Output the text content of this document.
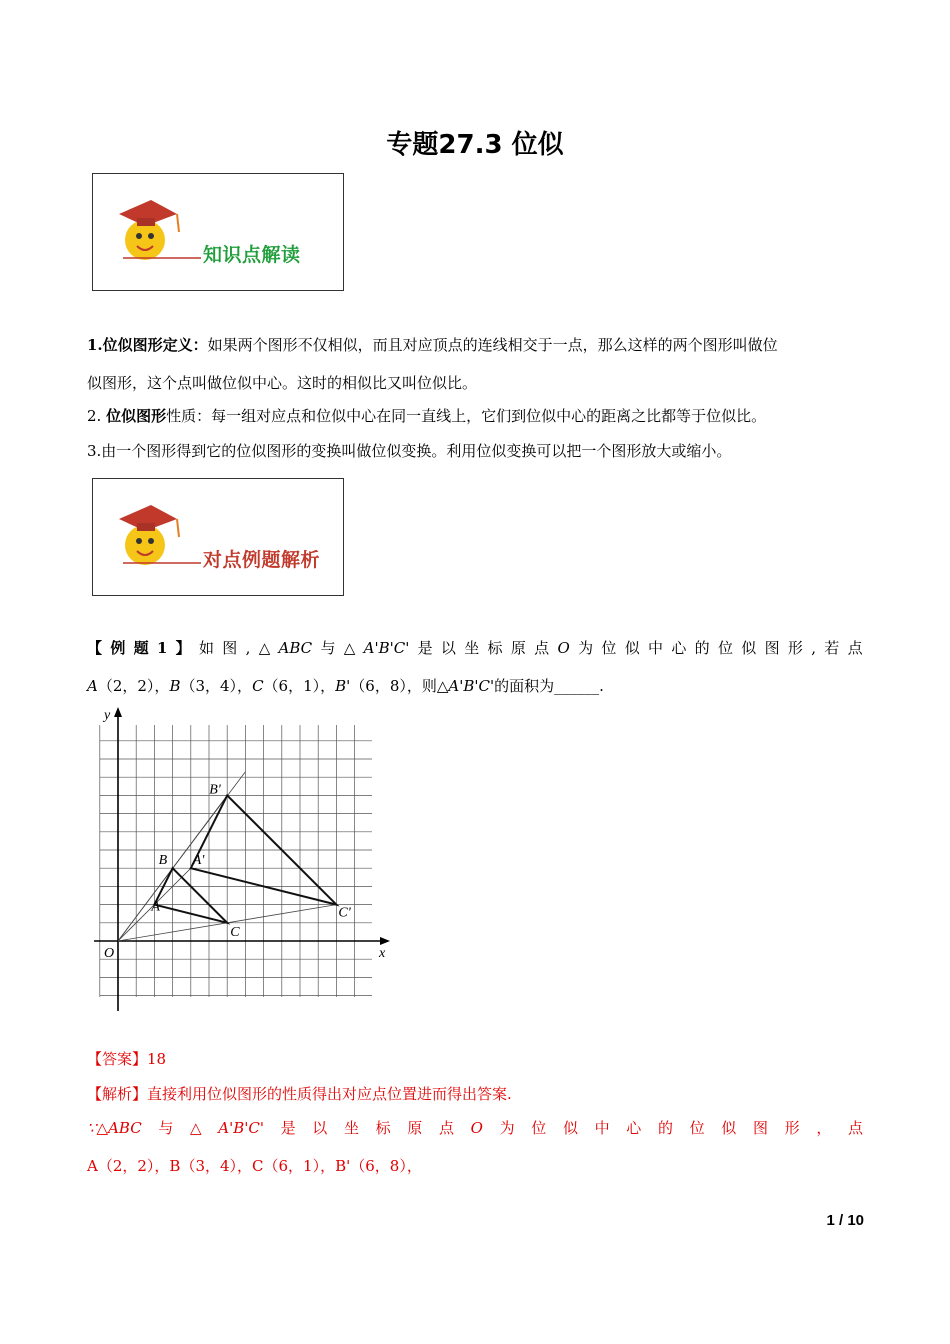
专题27.3 位似
知识点解读
1.位似图形定义：如果两个图形不仅相似，而且对应顶点的连线相交于一点，那么这样的两个图形叫做位
似图形，这个点叫做位似中心。这时的相似比又叫位似比。
2. 位似图形性质：每一组对应点和位似中心在同一直线上，它们到位似中心的距离之比都等于位似比。
3.由一个图形得到它的位似图形的变换叫做位似变换。利用位似变换可以把一个图形放大或缩小。
对点例题解析
【 例 题 1 】 如 图 , △ ABC 与 △ A'B'C' 是 以 坐 标 原 点 O 为 位 似 中 心 的 位 似 图 形 , 若 点
A（2，2），B（3，4），C（6，1），B'（6，8），则△A'B'C'的面积为______.
A
B
C
A'
B'
C'
O	x
y
【答案】18
【解析】直接利用位似图形的性质得出对应点位置进而得出答案.
∵△ABC 与 △ A'B'C' 是 以 坐 标 原 点 O 为 位 似 中 心 的 位 似 图 形 ， 点
A（2，2），B（3，4），C（6，1），B'（6，8），
1 / 10
